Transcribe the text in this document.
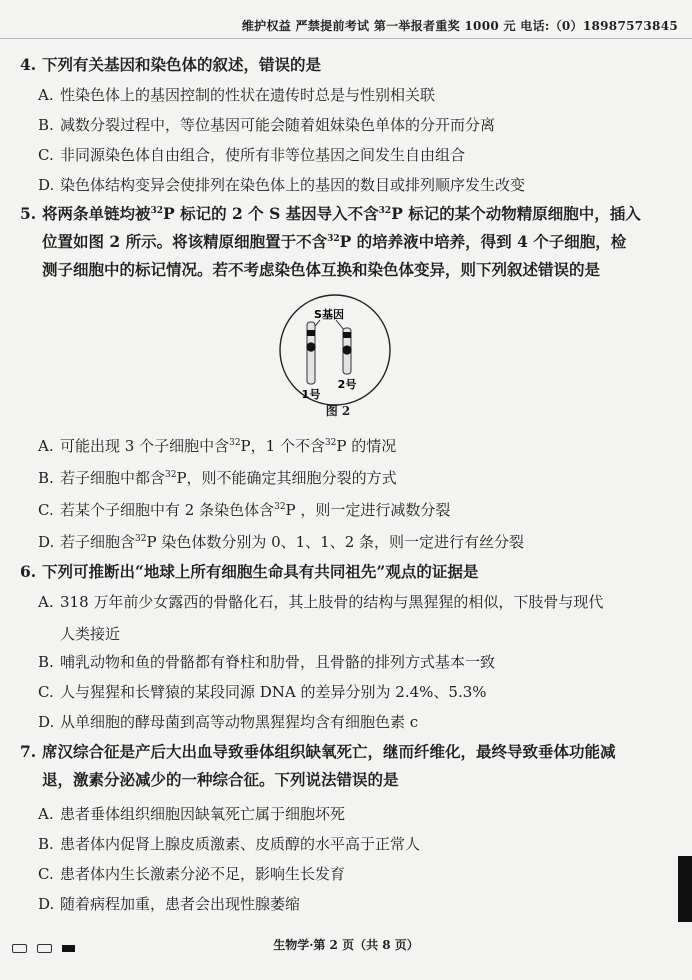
维护权益 严禁提前考试 第一举报者重奖 1000 元 电话:（0）18987573845
4. 下列有关基因和染色体的叙述，错误的是
A. 性染色体上的基因控制的性状在遗传时总是与性别相关联
B. 减数分裂过程中，等位基因可能会随着姐妹染色单体的分开而分离
C. 非同源染色体自由组合，使所有非等位基因之间发生自由组合
D. 染色体结构变异会使排列在染色体上的基因的数目或排列顺序发生改变
5. 将两条单链均被$^{32}$P 标记的 2 个 S 基因导入不含$^{32}$P 标记的某个动物精原细胞中，插入
位置如图 2 所示。将该精原细胞置于不含$^{32}$P 的培养液中培养，得到 4 个子细胞，检
测子细胞中的标记情况。若不考虑染色体互换和染色体变异，则下列叙述错误的是
S基因
1号
2号
图 2
A. 可能出现 3 个子细胞中含$^{32}$P，1 个不含$^{32}$P 的情况
B. 若子细胞中都含$^{32}$P，则不能确定其细胞分裂的方式
C. 若某个子细胞中有 2 条染色体含$^{32}$P ，则一定进行减数分裂
D. 若子细胞含$^{32}$P 染色体数分别为 0、1、1、2 条，则一定进行有丝分裂
6. 下列可推断出“地球上所有细胞生命具有共同祖先”观点的证据是
A. 318 万年前少女露西的骨骼化石，其上肢骨的结构与黑猩猩的相似，下肢骨与现代
人类接近
B. 哺乳动物和鱼的骨骼都有脊柱和肋骨，且骨骼的排列方式基本一致
C. 人与猩猩和长臂猿的某段同源 DNA 的差异分别为 2.4%、5.3%
D. 从单细胞的酵母菌到高等动物黑猩猩均含有细胞色素 c
7. 席汉综合征是产后大出血导致垂体组织缺氧死亡，继而纤维化，最终导致垂体功能减
退，激素分泌减少的一种综合征。下列说法错误的是
A. 患者垂体组织细胞因缺氧死亡属于细胞坏死
B. 患者体内促肾上腺皮质激素、皮质醇的水平高于正常人
C. 患者体内生长激素分泌不足，影响生长发育
D. 随着病程加重，患者会出现性腺萎缩
生物学·第 2 页（共 8 页）
